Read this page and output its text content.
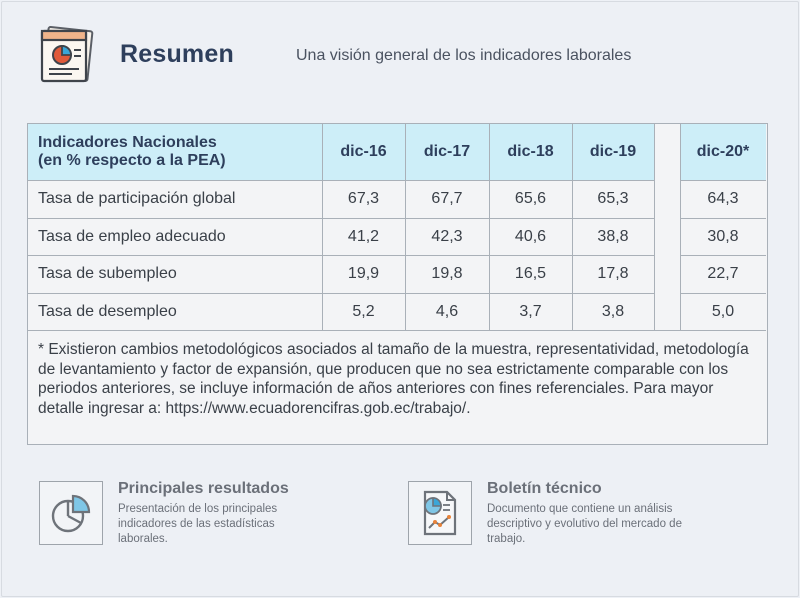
Resumen	Una visión general de los indicadores laborales
Indicadores Nacionales
(en % respecto a la PEA)
dic-16	dic-17	dic-18	dic-19	dic-20*
Tasa de participación global	67,3	67,7	65,6	65,3	64,3
Tasa de empleo adecuado	41,2	42,3	40,6	38,8	30,8
Tasa de subempleo	19,9	19,8	16,5	17,8	22,7
Tasa de desempleo	5,2	4,6	3,7	3,8	5,0
* Existieron cambios metodológicos asociados al tamaño de la muestra, representatividad, metodología de levantamiento y factor de expansión, que producen que no sea estrictamente comparable con los periodos anteriores, se incluye información de años anteriores con fines referenciales. Para mayor detalle ingresar a: https://www.ecuadorencifras.gob.ec/trabajo/.
Principales resultados
Presentación de los principales
indicadores de las estadísticas
laborales.
Boletín técnico
Documento que contiene un análisis
descriptivo y evolutivo del mercado de
trabajo.
